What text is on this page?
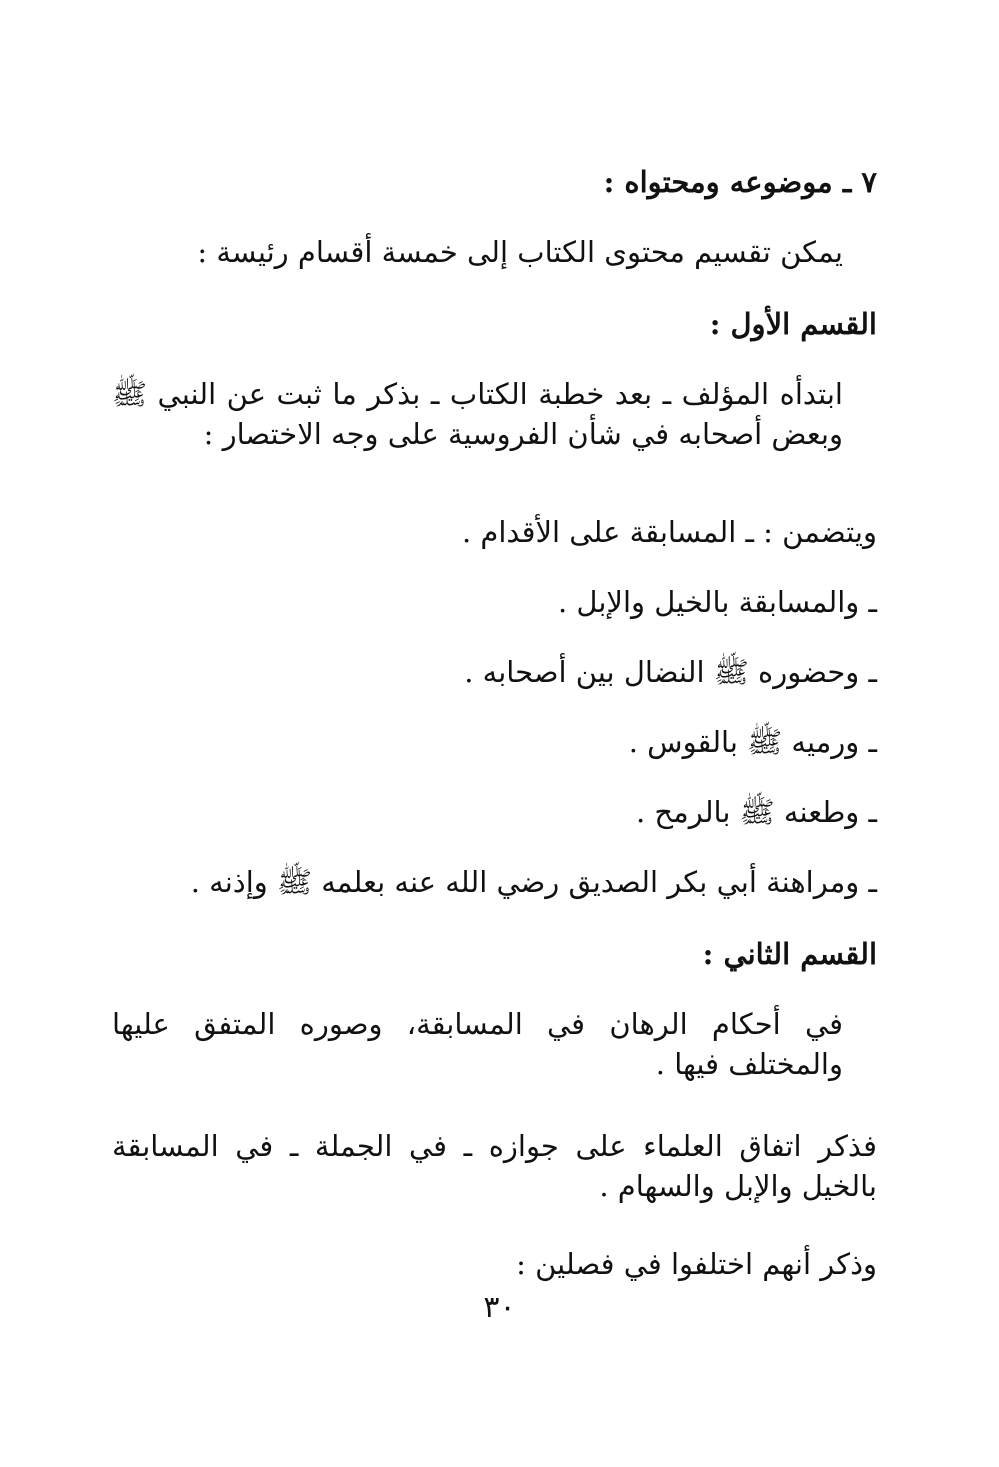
٧ ـ موضوعه ومحتواه :
يمكن تقسيم محتوى الكتاب إلى خمسة أقسام رئيسة :
القسم الأول :
ابتدأه المؤلف ـ بعد خطبة الكتاب ـ بذكر ما ثبت عن النبي ﷺ وبعض أصحابه في شأن الفروسية على وجه الاختصار :
ويتضمن : ـ المسابقة على الأقدام .
ـ والمسابقة بالخيل والإبل .
ـ وحضوره ﷺ النضال بين أصحابه .
ـ ورميه ﷺ بالقوس .
ـ وطعنه ﷺ بالرمح .
ـ ومراهنة أبي بكر الصديق رضي الله عنه بعلمه ﷺ وإذنه .
القسم الثاني :
في أحكام الرهان في المسابقة، وصوره المتفق عليها والمختلف فيها .
فذكر اتفاق العلماء على جوازه ـ في الجملة ـ في المسابقة بالخيل والإبل والسهام .
وذكر أنهم اختلفوا في فصلين :
٣٠
